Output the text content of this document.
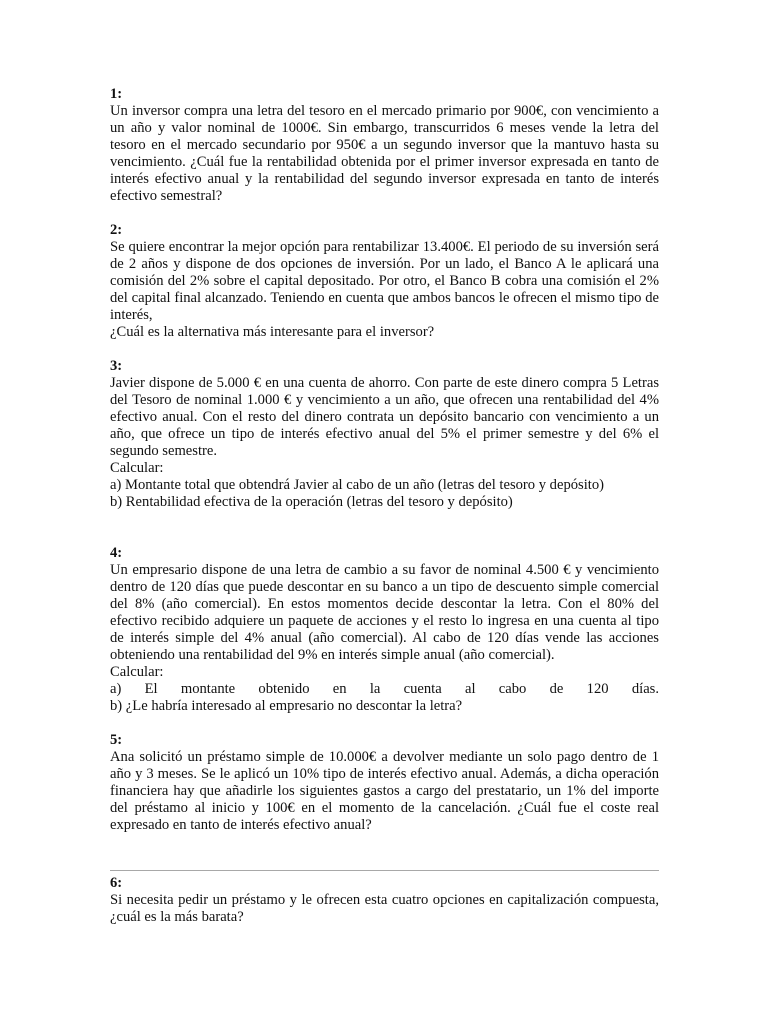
1:
Un inversor compra una letra del tesoro en el mercado primario por 900€, con vencimiento a un año y valor nominal de 1000€. Sin embargo, transcurridos 6 meses vende la letra del tesoro en el mercado secundario por 950€ a un segundo inversor que la mantuvo hasta su vencimiento. ¿Cuál fue la rentabilidad obtenida por el primer inversor expresada en tanto de interés efectivo anual y la rentabilidad del segundo inversor expresada en tanto de interés efectivo semestral?
2:
Se quiere encontrar la mejor opción para rentabilizar 13.400€. El periodo de su inversión será de 2 años y dispone de dos opciones de inversión. Por un lado, el Banco A le aplicará una comisión del 2% sobre el capital depositado. Por otro, el Banco B cobra una comisión el 2% del capital final alcanzado. Teniendo en cuenta que ambos bancos le ofrecen el mismo tipo de interés,
¿Cuál es la alternativa más interesante para el inversor?
3:
Javier dispone de 5.000 € en una cuenta de ahorro. Con parte de este dinero compra 5 Letras del Tesoro de nominal 1.000 € y vencimiento a un año, que ofrecen una rentabilidad del 4% efectivo anual. Con el resto del dinero contrata un depósito bancario con vencimiento a un año, que ofrece un tipo de interés efectivo anual del 5% el primer semestre y del 6% el segundo semestre.
Calcular:
a) Montante total que obtendrá Javier al cabo de un año (letras del tesoro y depósito)
b) Rentabilidad efectiva de la operación (letras del tesoro y depósito)
4:
Un empresario dispone de una letra de cambio a su favor de nominal 4.500 € y vencimiento dentro de 120 días que puede descontar en su banco a un tipo de descuento simple comercial del 8% (año comercial). En estos momentos decide descontar la letra. Con el 80% del efectivo recibido adquiere un paquete de acciones y el resto lo ingresa en una cuenta al tipo de interés simple del 4% anual (año comercial). Al cabo de 120 días vende las acciones obteniendo una rentabilidad del 9% en interés simple anual (año comercial).
Calcular:
a) El montante obtenido en la cuenta al cabo de 120 días.
b) ¿Le habría interesado al empresario no descontar la letra?
5:
Ana solicitó un préstamo simple de 10.000€ a devolver mediante un solo pago dentro de 1 año y 3 meses. Se le aplicó un 10% tipo de interés efectivo anual. Además, a dicha operación financiera hay que añadirle los siguientes gastos a cargo del prestatario, un 1% del importe del préstamo al inicio y 100€ en el momento de la cancelación. ¿Cuál fue el coste real expresado en tanto de interés efectivo anual?
6:
Si necesita pedir un préstamo y le ofrecen esta cuatro opciones en capitalización compuesta, ¿cuál es la más barata?
